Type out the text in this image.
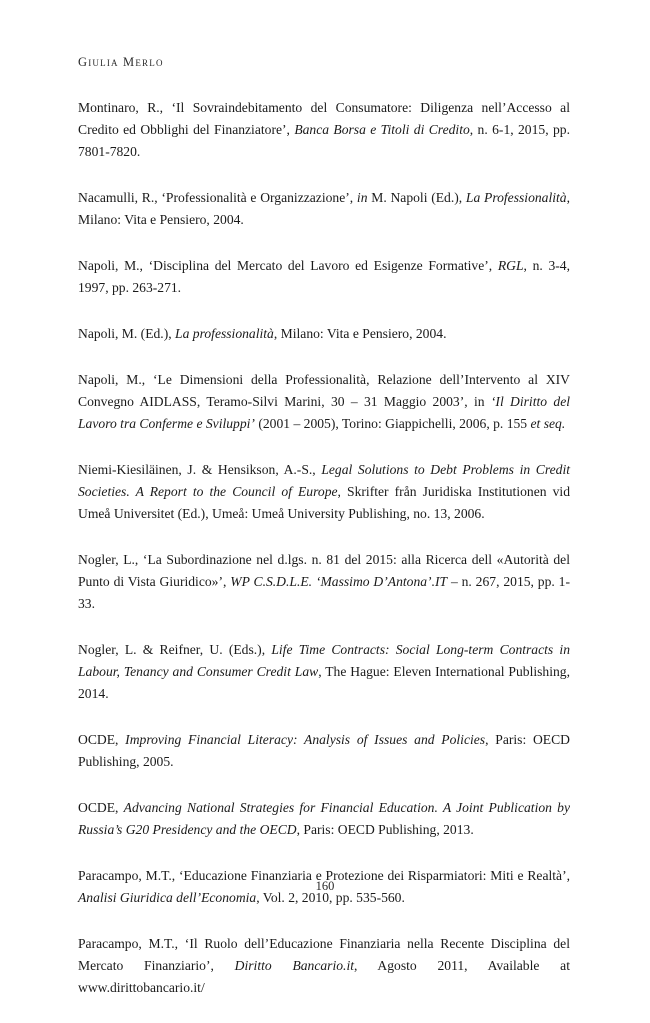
Giulia Merlo

Montinaro, R., ‘Il Sovraindebitamento del Consumatore: Diligenza nell’Accesso al Credito ed Obblighi del Finanziatore’, Banca Borsa e Titoli di Credito, n. 6-1, 2015, pp. 7801-7820.

Nacamulli, R., ‘Professionalità e Organizzazione’, in M. Napoli (Ed.), La Professionalità, Milano: Vita e Pensiero, 2004.

Napoli, M., ‘Disciplina del Mercato del Lavoro ed Esigenze Formative’, RGL, n. 3-4, 1997, pp. 263-271.

Napoli, M. (Ed.), La professionalità, Milano: Vita e Pensiero, 2004.

Napoli, M., ‘Le Dimensioni della Professionalità, Relazione dell’Intervento al XIV Convegno AIDLASS, Teramo-Silvi Marini, 30 – 31 Maggio 2003’, in ‘Il Diritto del Lavoro tra Conferme e Sviluppi’ (2001 – 2005), Torino: Giappichelli, 2006, p. 155 et seq.

Niemi-Kiesiläinen, J. & Hensikson, A.-S., Legal Solutions to Debt Problems in Credit Societies. A Report to the Council of Europe, Skrifter från Juridiska Institutionen vid Umeå Universitet (Ed.), Umeå: Umeå University Publishing, no. 13, 2006.

Nogler, L., ‘La Subordinazione nel d.lgs. n. 81 del 2015: alla Ricerca dell «Autorità del Punto di Vista Giuridico»’, WP C.S.D.L.E. ‘Massimo D’Antona’.IT – n. 267, 2015, pp. 1-33.

Nogler, L. & Reifner, U. (Eds.), Life Time Contracts: Social Long-term Contracts in Labour, Tenancy and Consumer Credit Law, The Hague: Eleven International Publishing, 2014.

OCDE, Improving Financial Literacy: Analysis of Issues and Policies, Paris: OECD Publishing, 2005.

OCDE, Advancing National Strategies for Financial Education. A Joint Publication by Russia’s G20 Presidency and the OECD, Paris: OECD Publishing, 2013.

Paracampo, M.T., ‘Educazione Finanziaria e Protezione dei Risparmiatori: Miti e Realtà’, Analisi Giuridica dell’Economia, Vol. 2, 2010, pp. 535-560.

Paracampo, M.T., ‘Il Ruolo dell’Educazione Finanziaria nella Recente Disciplina del Mercato Finanziario’, Diritto Bancario.it, Agosto 2011, Available at www.dirittobancario.it/

160
